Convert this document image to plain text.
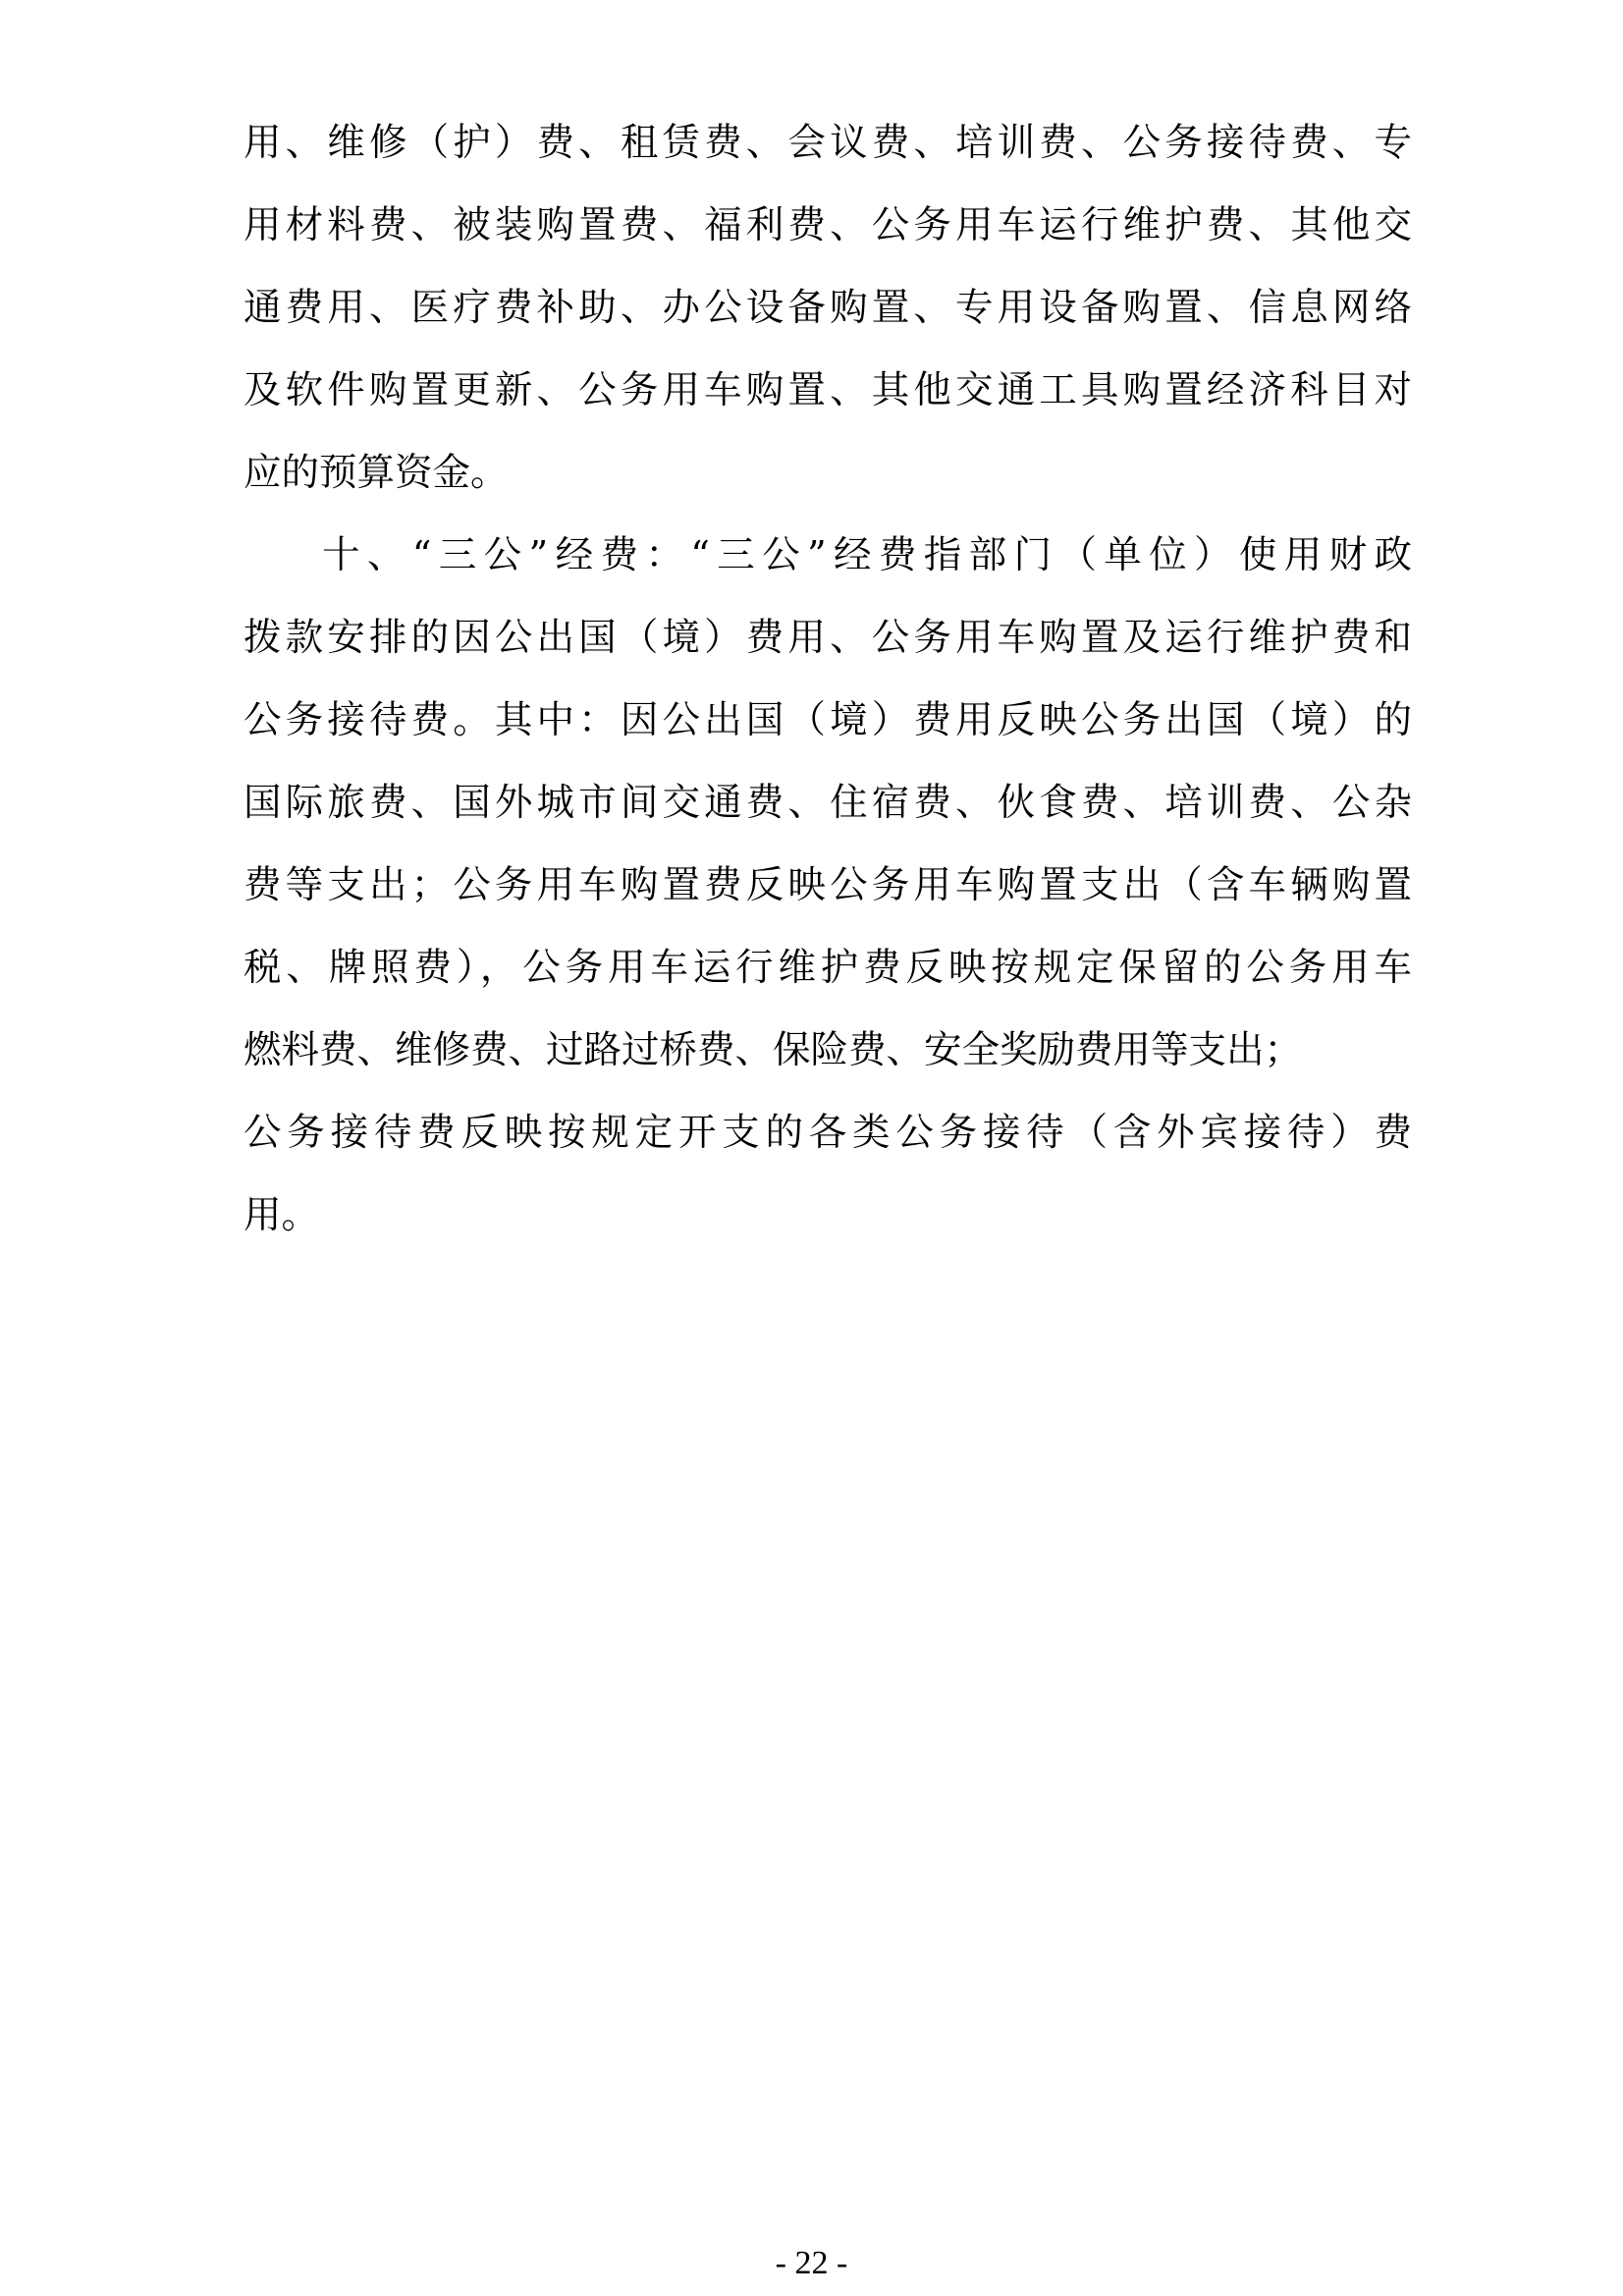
用、维修（护）费、租赁费、会议费、培训费、公务接待费、专
用材料费、被装购置费、福利费、公务用车运行维护费、其他交
通费用、医疗费补助、办公设备购置、专用设备购置、信息网络
及软件购置更新、公务用车购置、其他交通工具购置经济科目对
应的预算资金。
十、“三公”经费：“三公”经费指部门（单位）使用财政
拨款安排的因公出国（境）费用、公务用车购置及运行维护费和
公务接待费。其中：因公出国（境）费用反映公务出国（境）的
国际旅费、国外城市间交通费、住宿费、伙食费、培训费、公杂
费等支出；公务用车购置费反映公务用车购置支出（含车辆购置
税、牌照费），公务用车运行维护费反映按规定保留的公务用车
燃料费、维修费、过路过桥费、保险费、安全奖励费用等支出；
公务接待费反映按规定开支的各类公务接待（含外宾接待）费
用。
- 22 -
